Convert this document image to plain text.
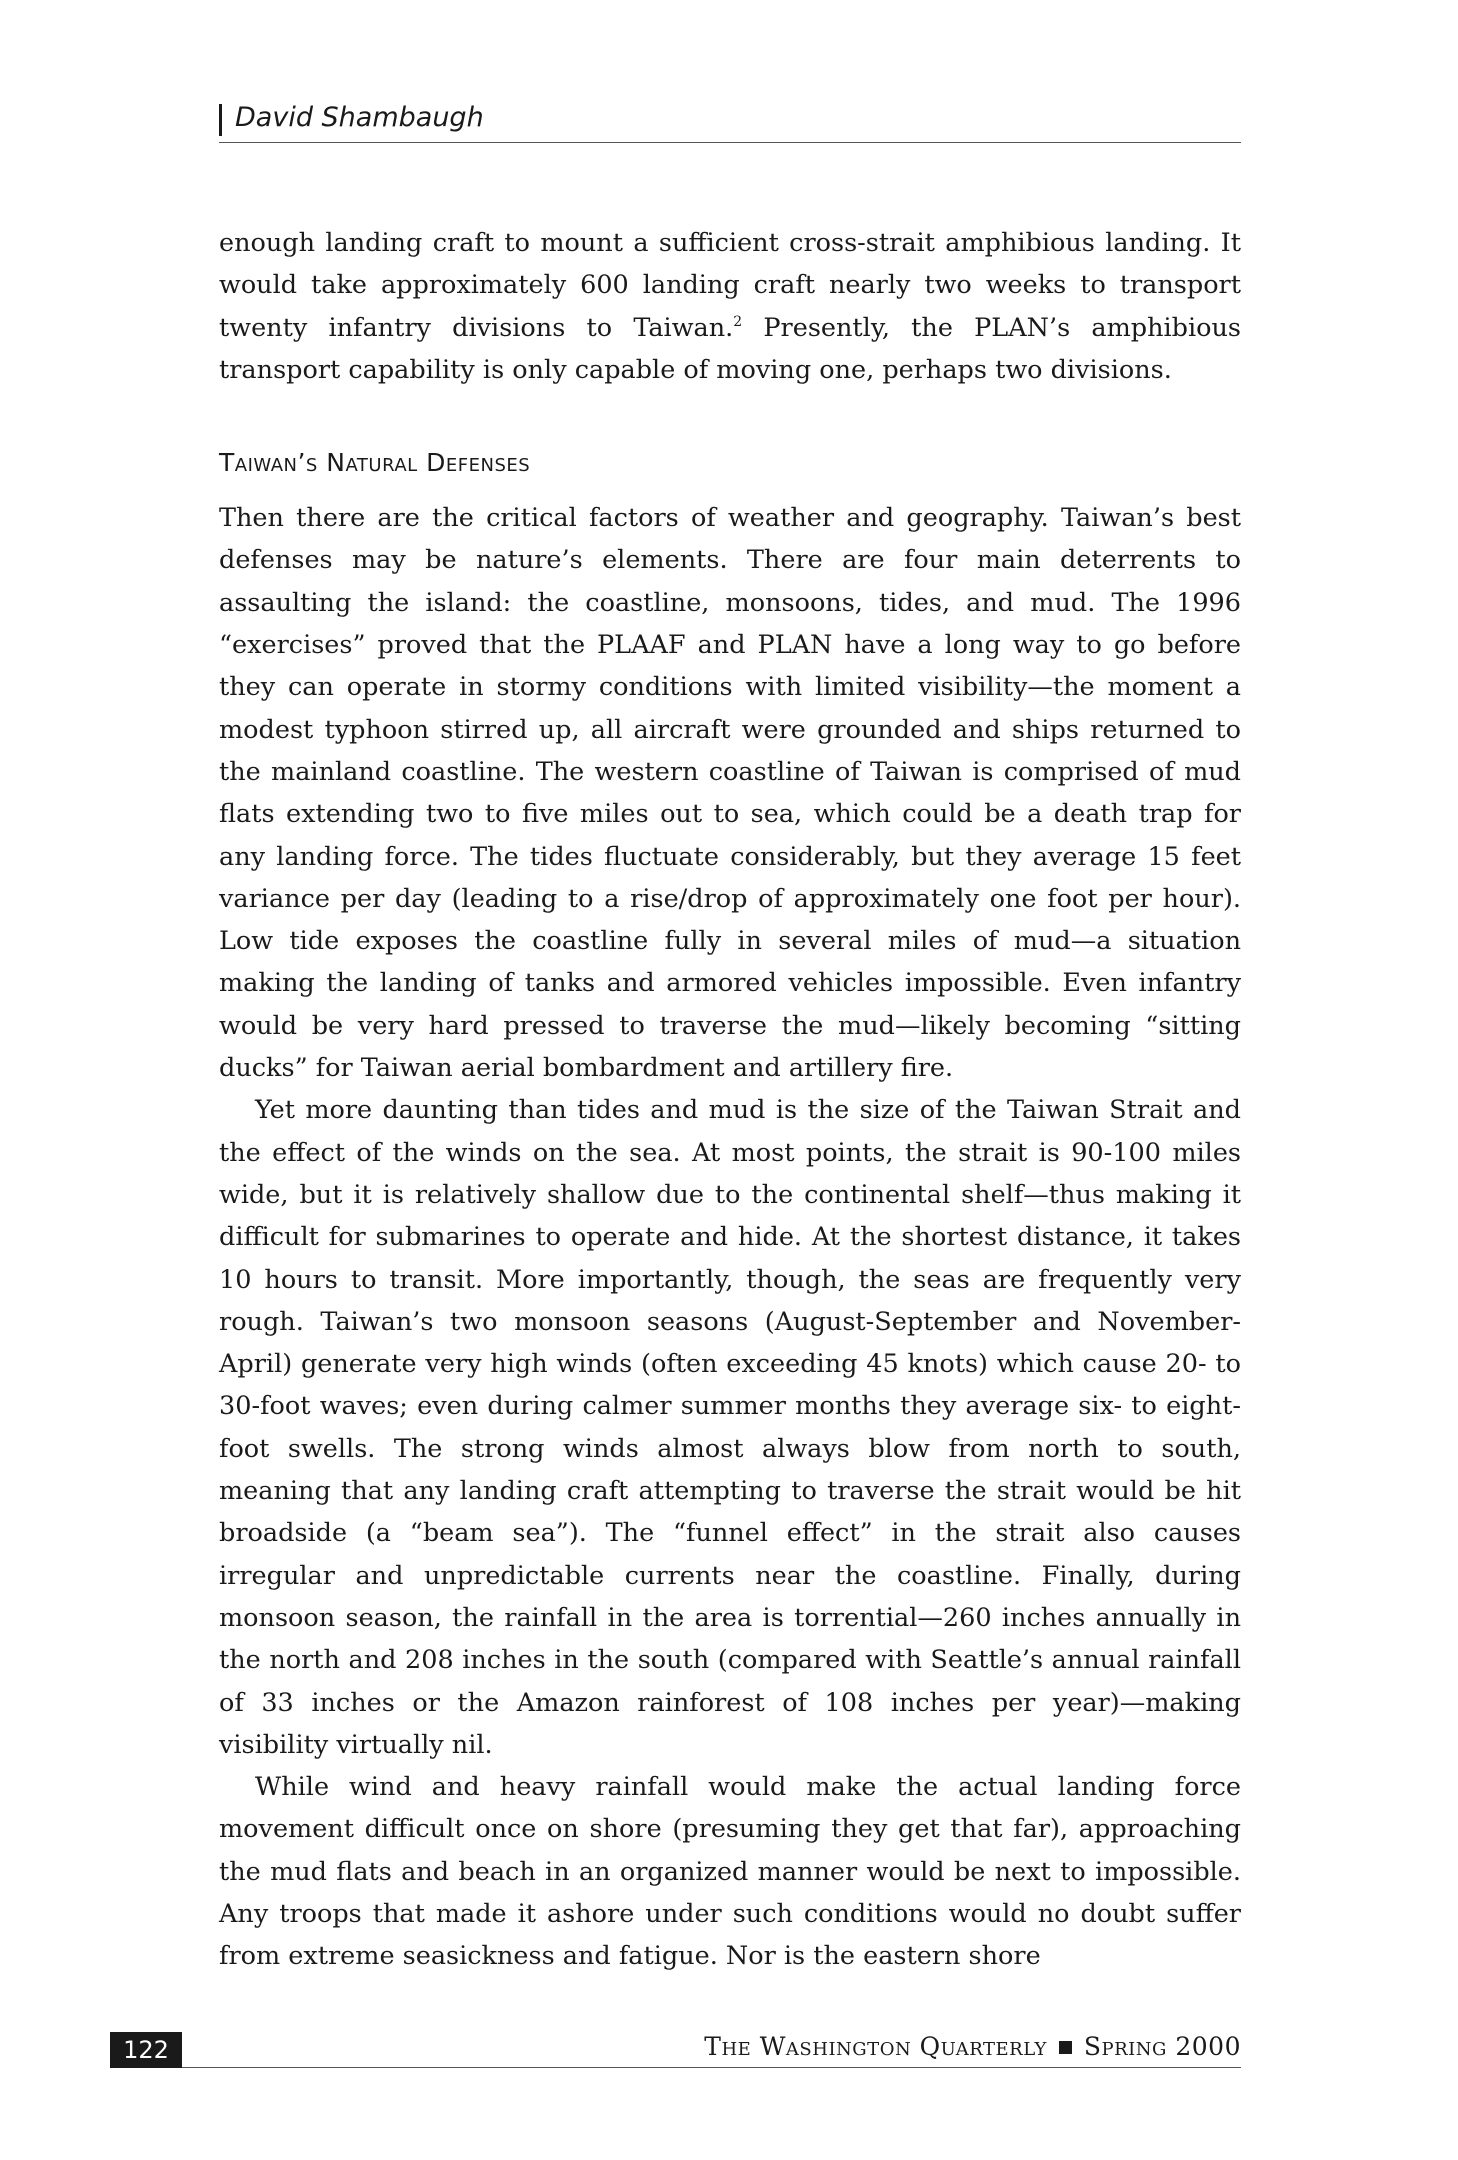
David Shambaugh

enough landing craft to mount a sufficient cross-strait amphibious landing. It would take approximately 600 landing craft nearly two weeks to transport twenty infantry divisions to Taiwan.$^2$ Presently, the PLAN’s amphibious transport capability is only capable of moving one, perhaps two divisions.

Taiwan’s Natural Defenses

Then there are the critical factors of weather and geography. Taiwan’s best defenses may be nature’s elements. There are four main deterrents to assaulting the island: the coastline, monsoons, tides, and mud. The 1996 “exercises” proved that the PLAAF and PLAN have a long way to go before they can operate in stormy conditions with limited visibility—the moment a modest typhoon stirred up, all aircraft were grounded and ships returned to the mainland coastline. The western coastline of Taiwan is comprised of mud flats extending two to five miles out to sea, which could be a death trap for any landing force. The tides fluctuate considerably, but they average 15 feet variance per day (leading to a rise/drop of approximately one foot per hour). Low tide exposes the coastline fully in several miles of mud—a situation making the landing of tanks and armored vehicles impossible. Even infantry would be very hard pressed to traverse the mud—likely becoming “sitting ducks” for Taiwan aerial bombardment and artillery fire.

Yet more daunting than tides and mud is the size of the Taiwan Strait and the effect of the winds on the sea. At most points, the strait is 90-100 miles wide, but it is relatively shallow due to the continental shelf—thus making it difficult for submarines to operate and hide. At the shortest distance, it takes 10 hours to transit. More importantly, though, the seas are frequently very rough. Taiwan’s two monsoon seasons (August-September and November-April) generate very high winds (often exceeding 45 knots) which cause 20- to 30-foot waves; even during calmer summer months they average six- to eight-foot swells. The strong winds almost always blow from north to south, meaning that any landing craft attempting to traverse the strait would be hit broadside (a “beam sea”). The “funnel effect” in the strait also causes irregular and unpredictable currents near the coastline. Finally, during monsoon season, the rainfall in the area is torrential—260 inches annually in the north and 208 inches in the south (compared with Seattle’s annual rainfall of 33 inches or the Amazon rainforest of 108 inches per year)—making visibility virtually nil.

While wind and heavy rainfall would make the actual landing force movement difficult once on shore (presuming they get that far), approaching the mud flats and beach in an organized manner would be next to impossible. Any troops that made it ashore under such conditions would no doubt suffer from extreme seasickness and fatigue. Nor is the eastern shore

122	The Washington Quarterly Spring 2000
